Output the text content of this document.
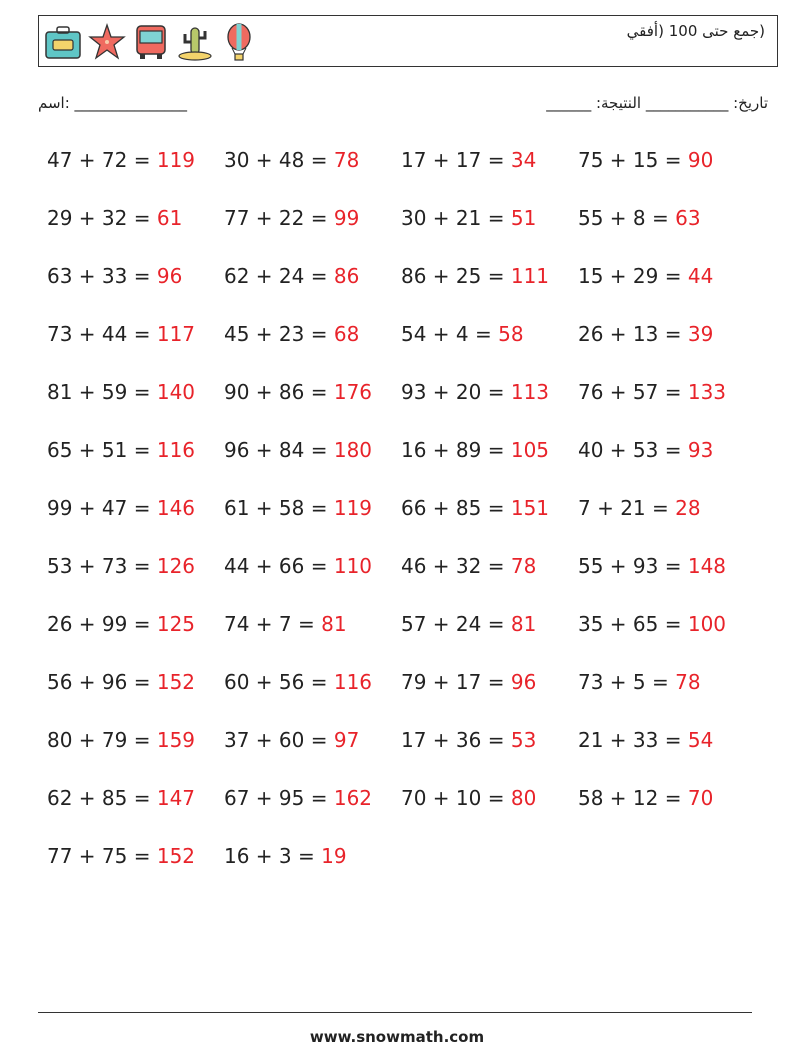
(جمع حتى 100 (أفقي
اسم: _______________	______ :تاريخ: ___________ النتيجة
47 + 72 = 119 30 + 48 = 78 17 + 17 = 34 75 + 15 = 90
29 + 32 = 61 77 + 22 = 99 30 + 21 = 51 55 + 8 = 63
63 + 33 = 96 62 + 24 = 86 86 + 25 = 111 15 + 29 = 44
73 + 44 = 117 45 + 23 = 68 54 + 4 = 58	26 + 13 = 39
81 + 59 = 140 90 + 86 = 176 93 + 20 = 113 76 + 57 = 133
65 + 51 = 116 96 + 84 = 180 16 + 89 = 105 40 + 53 = 93
99 + 47 = 146 61 + 58 = 119 66 + 85 = 151 7 + 21 = 28
53 + 73 = 126 44 + 66 = 110 46 + 32 = 78 55 + 93 = 148
26 + 99 = 125 74 + 7 = 81	57 + 24 = 81 35 + 65 = 100
56 + 96 = 152 60 + 56 = 116 79 + 17 = 96 73 + 5 = 78
80 + 79 = 159 37 + 60 = 97 17 + 36 = 53 21 + 33 = 54
62 + 85 = 147 67 + 95 = 162 70 + 10 = 80 58 + 12 = 70
77 + 75 = 152 16 + 3 = 19
www.snowmath.com
